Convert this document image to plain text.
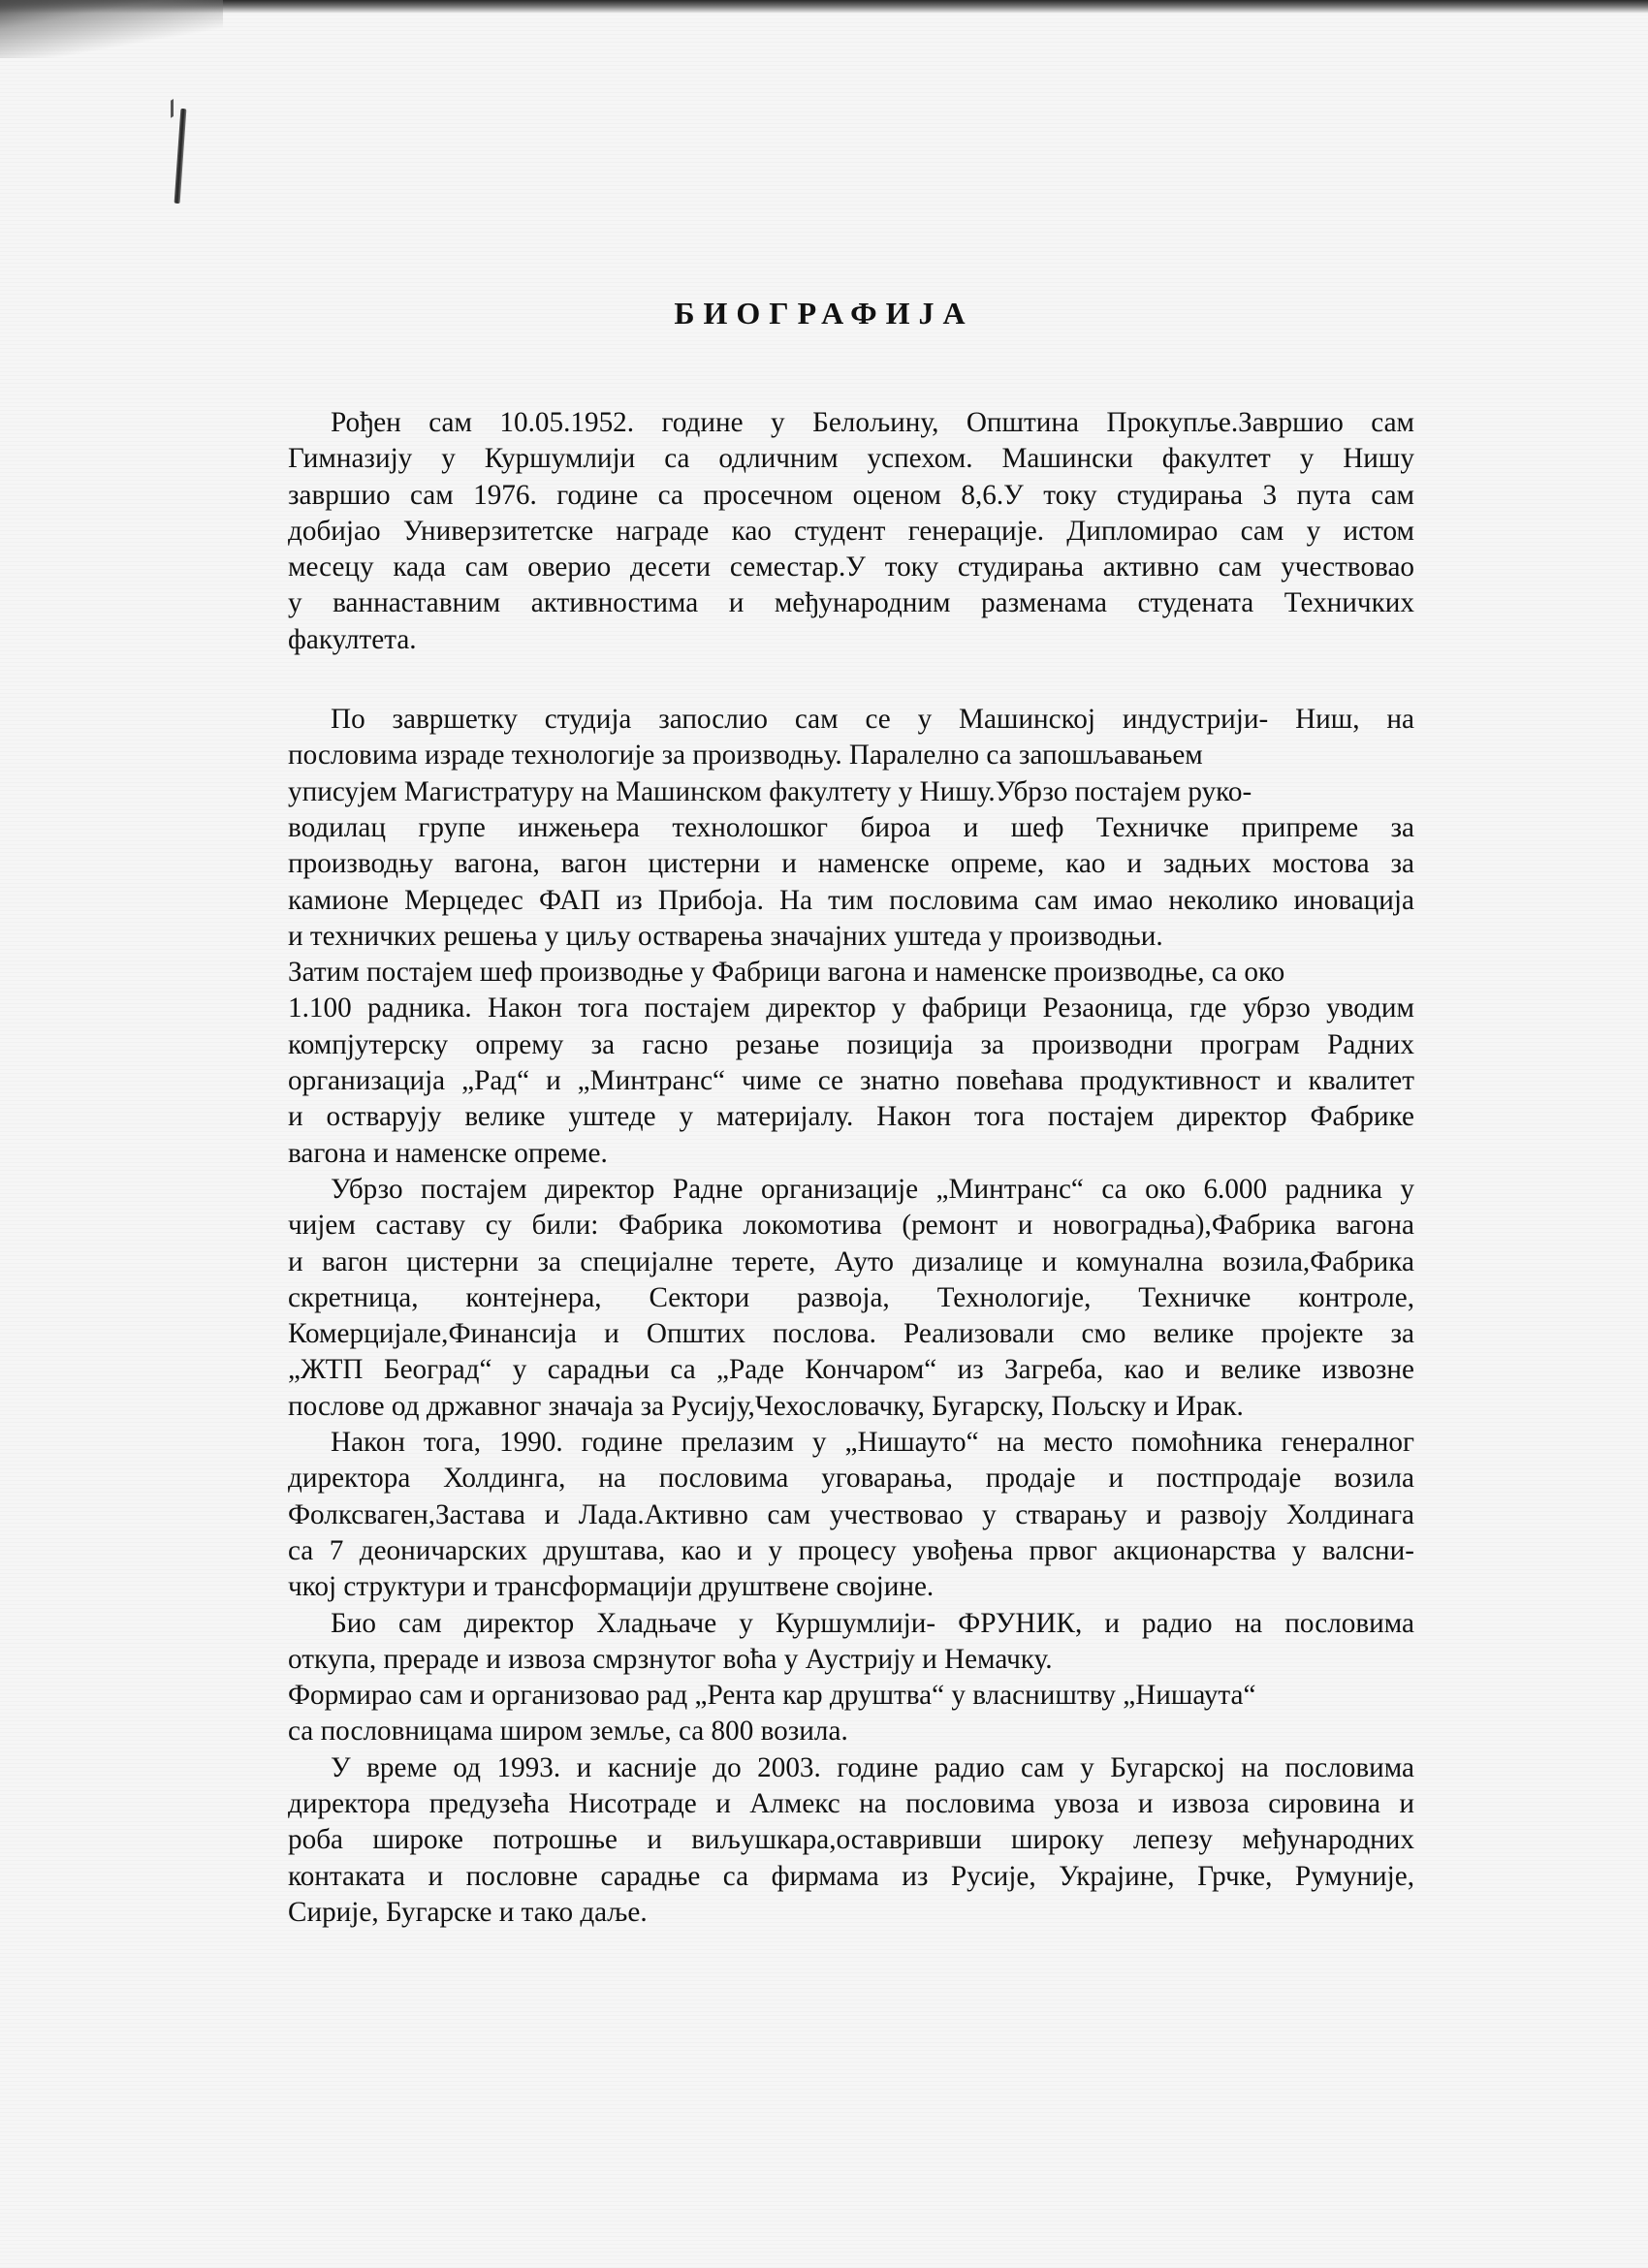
БИОГРАФИЈА
Рођен сам 10.05.1952. године у Белољину, Општина Прокупље.Завршио сам
Гимназију у Куршумлији са одличним успехом. Машински факултет у Нишу
завршио сам 1976. године са просечном оценом 8,6.У току студирања 3 пута сам
добијао Универзитетске награде као студент генерације. Дипломирао сам у истом
месецу када сам оверио десети семестар.У току студирања активно сам учествовао
у ваннаставним активностима и међународним разменама студената Техничких
факултета.
По завршетку студија запослио сам се у Машинској индустрији- Ниш, на
пословима израде технологије за производњу. Паралелно са запошљавањем
уписујем Магистратуру на Машинском факултету у Нишу.Убрзо постајем руко-
водилац групе инжењера технолошког бироа и шеф Техничке припреме за
производњу вагона, вагон цистерни и наменске опреме, као и задњих мостова за
камионе Мерцедес ФАП из Прибоја. На тим пословима сам имао неколико иновација
и техничких решења у циљу остварења значајних уштеда у производњи.
Затим постајем шеф производње у Фабрици вагона и наменске производње, са око
1.100 радника. Након тога постајем директор у фабрици Резаоница, где убрзо уводим
компјутерску опрему за гасно резање позиција за производни програм Радних
организација „Рад“ и „Минтранс“ чиме се знатно повећава продуктивност и квалитет
и остварују велике уштеде у материјалу. Након тога постајем директор Фабрике
вагона и наменске опреме.
Убрзо постајем директор Радне организације „Минтранс“ са око 6.000 радника у
чијем саставу су били: Фабрика локомотива (ремонт и новоградња),Фабрика вагона
и вагон цистерни за специјалне терете, Ауто дизалице и комунална возила,Фабрика
скретница, контејнера, Сектори развоја, Технологије, Техничке контроле,
Комерцијале,Финансија и Општих послова. Реализовали смо велике пројекте за
„ЖТП Београд“ у сарадњи са „Раде Кончаром“ из Загреба, као и велике извозне
послове од државног значаја за Русију,Чехословачку, Бугарску, Пољску и Ирак.
Након тога, 1990. године прелазим у „Нишауто“ на место помоћника генералног
директора Холдинга, на пословима уговарања, продаје и постпродаје возила
Фолксваген,Застава и Лада.Активно сам учествовао у стварању и развоју Холдинага
са 7 деоничарских друштава, као и у процесу увођења првог акционарства у валсни-
чкој структури и трансформацији друштвене својине.
Био сам директор Хладњаче у Куршумлији- ФРУНИК, и радио на пословима
откупа, прераде и извоза смрзнутог воћа у Аустрију и Немачку.
Формирао сам и организовао рад „Рента кар друштва“ у власништву „Нишаута“
са пословницама широм земље, са 800 возила.
У време од 1993. и касније до 2003. године радио сам у Бугарској на пословима
директора предузећа Нисотраде и Алмекс на пословима увоза и извоза сировина и
роба широке потрошње и виљушкара,оставривши широку лепезу међународних
контаката и пословне сарадње са фирмама из Русије, Украјине, Грчке, Румуније,
Сирије, Бугарске и тако даље.
